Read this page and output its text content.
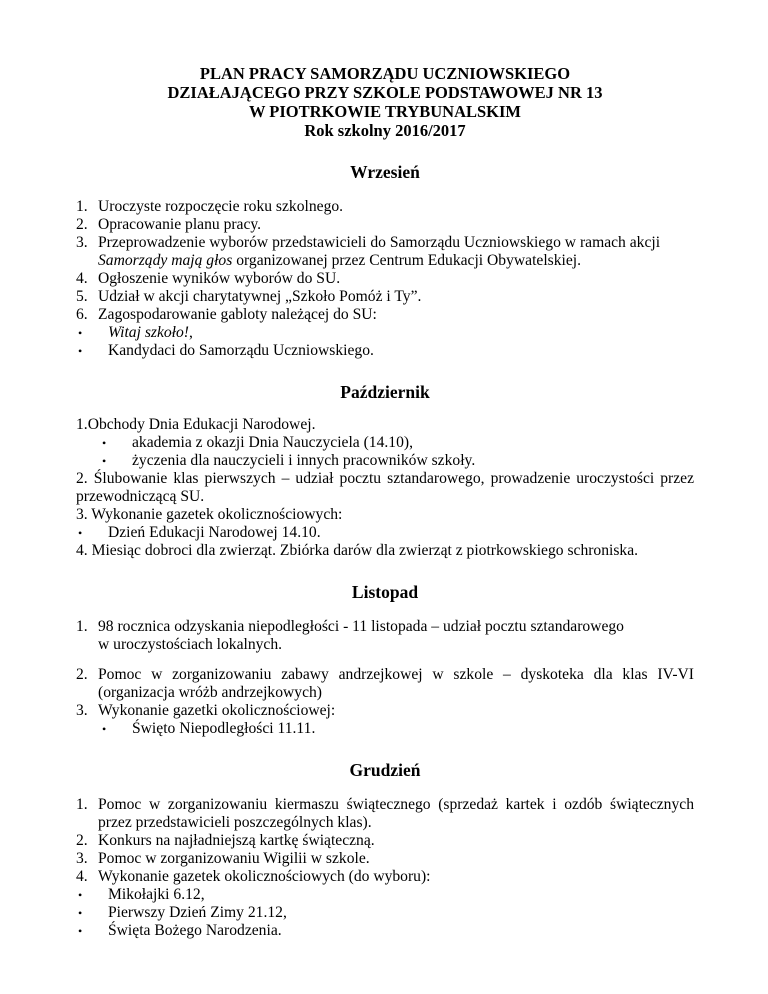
PLAN PRACY SAMORZĄDU UCZNIOWSKIEGO
DZIAŁAJĄCEGO PRZY SZKOLE PODSTAWOWEJ NR 13
W PIOTRKOWIE TRYBUNALSKIM
Rok szkolny 2016/2017
Wrzesień
1. Uroczyste rozpoczęcie roku szkolnego.
2. Opracowanie planu pracy.
3. Przeprowadzenie wyborów przedstawicieli do Samorządu Uczniowskiego w ramach akcji
Samorządy mają głos organizowanej przez Centrum Edukacji Obywatelskiej.
4. Ogłoszenie wyników wyborów do SU.
5. Udział w akcji charytatywnej „Szkoło Pomóż i Ty”.
6. Zagospodarowanie gabloty należącej do SU:
• Witaj szkoło!,
• Kandydaci do Samorządu Uczniowskiego.
Październik
1.Obchody Dnia Edukacji Narodowej.
• akademia z okazji Dnia Nauczyciela (14.10),
• życzenia dla nauczycieli i innych pracowników szkoły.
2. Ślubowanie klas pierwszych – udział pocztu sztandarowego, prowadzenie uroczystości przez przewodniczącą SU.
3. Wykonanie gazetek okolicznościowych:
• Dzień Edukacji Narodowej 14.10.
4. Miesiąc dobroci dla zwierząt. Zbiórka darów dla zwierząt z piotrkowskiego schroniska.
Listopad
1. 98 rocznica odzyskania niepodległości - 11 listopada – udział pocztu sztandarowego
w uroczystościach lokalnych.
2. Pomoc w zorganizowaniu zabawy andrzejkowej w szkole – dyskoteka dla klas IV-VI (organizacja wróżb andrzejkowych)
3. Wykonanie gazetki okolicznościowej:
• Święto Niepodległości 11.11.
Grudzień
1. Pomoc w zorganizowaniu kiermaszu świątecznego (sprzedaż kartek i ozdób świątecznych przez przedstawicieli poszczególnych klas).
2. Konkurs na najładniejszą kartkę świąteczną.
3. Pomoc w zorganizowaniu Wigilii w szkole.
4. Wykonanie gazetek okolicznościowych (do wyboru):
• Mikołajki 6.12,
• Pierwszy Dzień Zimy 21.12,
• Święta Bożego Narodzenia.
